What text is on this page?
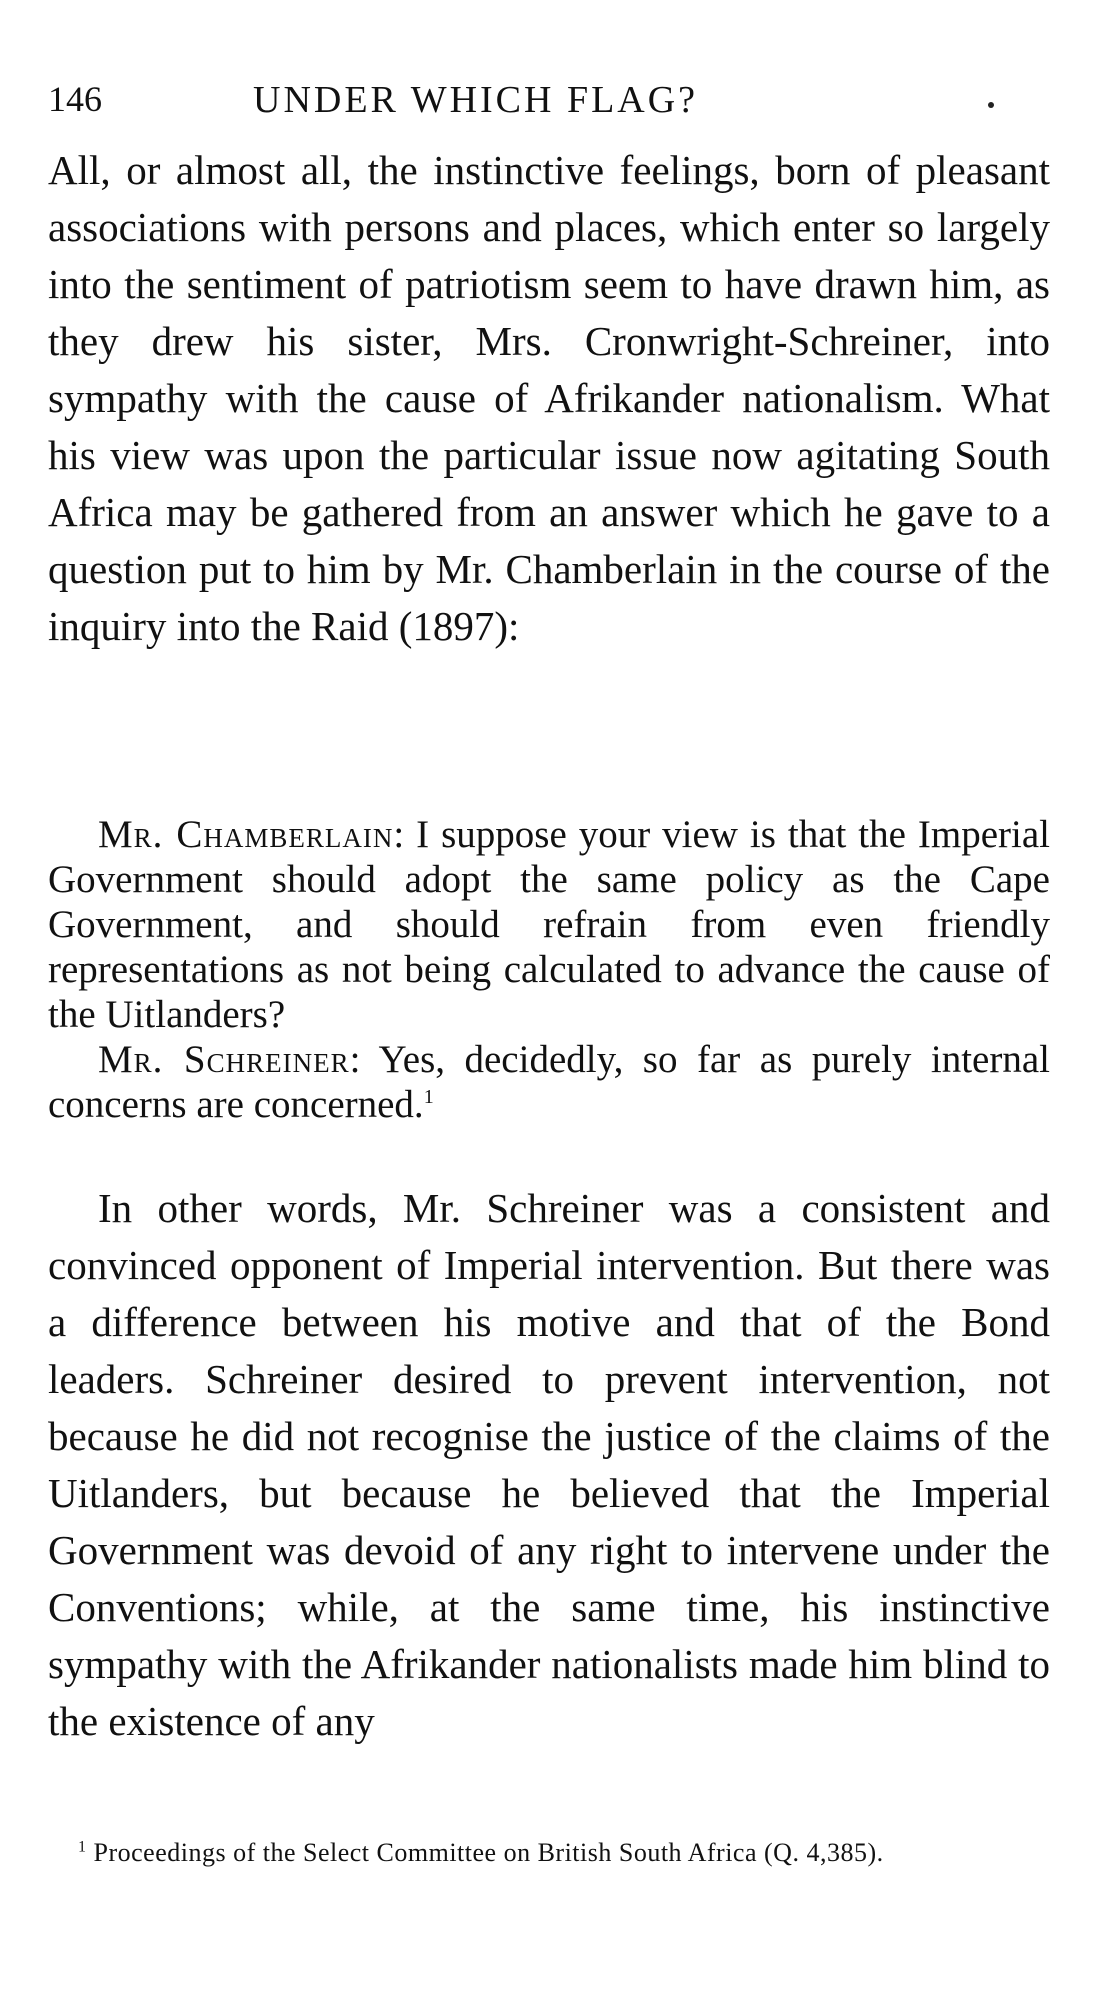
146	UNDER WHICH FLAG?

All, or almost all, the instinctive feelings, born of pleasant associations with persons and places, which enter so largely into the sentiment of patriotism seem to have drawn him, as they drew his sister, Mrs. Cronwright-Schreiner, into sympathy with the cause of Afrikander nationalism. What his view was upon the particular issue now agitating South Africa may be gathered from an answer which he gave to a question put to him by Mr. Chamberlain in the course of the inquiry into the Raid (1897):

Mr. Chamberlain: I suppose your view is that the Imperial Government should adopt the same policy as the Cape Government, and should refrain from even friendly representations as not being calculated to advance the cause of the Uitlanders?

Mr. Schreiner: Yes, decidedly, so far as purely internal concerns are concerned.$^1$

In other words, Mr. Schreiner was a consistent and convinced opponent of Imperial intervention. But there was a difference between his motive and that of the Bond leaders. Schreiner desired to prevent intervention, not because he did not recognise the justice of the claims of the Uitlanders, but because he believed that the Imperial Government was devoid of any right to intervene under the Conventions; while, at the same time, his instinctive sympathy with the Afrikander nationalists made him blind to the existence of any

$^1$ Proceedings of the Select Committee on British South Africa (Q. 4,385).
